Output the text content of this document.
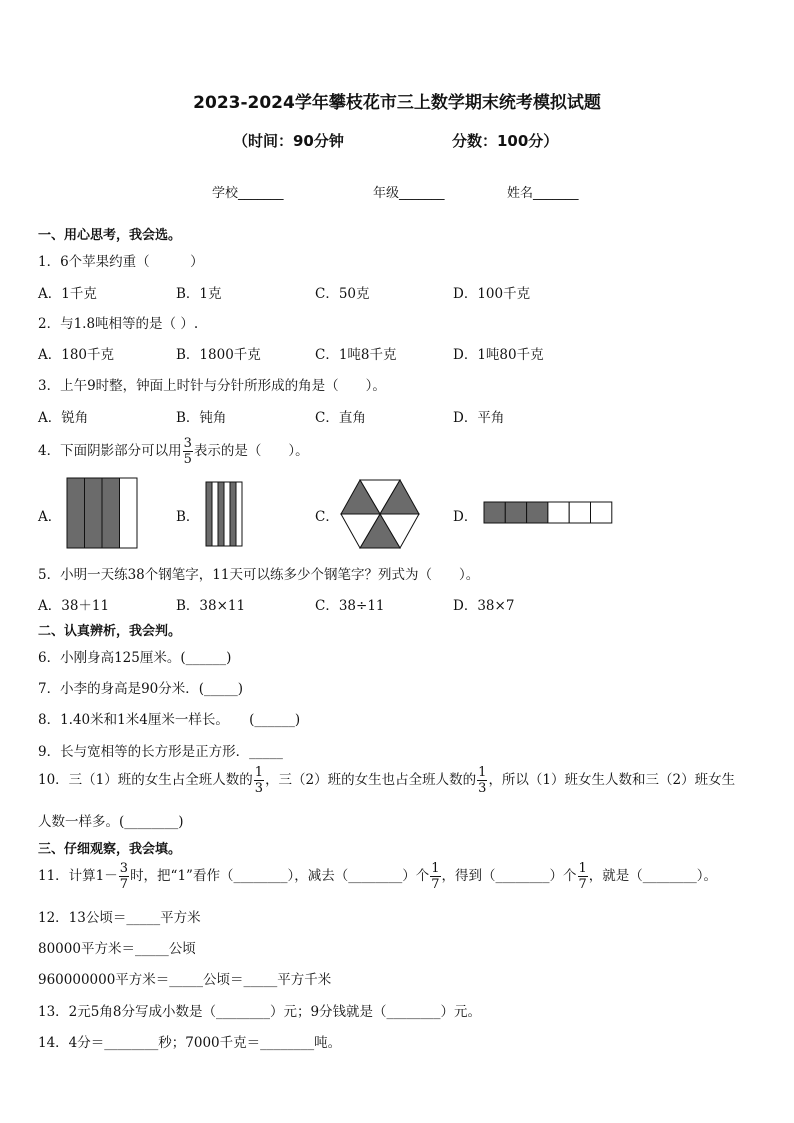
2023-2024学年攀枝花市三上数学期末统考模拟试题
（时间：90分钟	分数：100分）
学校_______	年级_______	姓名_______
一、用心思考，我会选。
1．6个苹果约重（　　　）
A．1千克	B．1克	C．50克	D．100千克
2．与1.8吨相等的是（ ）.
A．180千克	B．1800千克	C．1吨8千克	D．1吨80千克
3．上午9时整，钟面上时针与分针所形成的角是（　　）。
A．锐角	B．钝角	C．直角	D．平角
4．下面阴影部分可以用 $\frac{3}{5}$ 表示的是（　　）。
A．	B．	C．	D．
5．小明一天练38个钢笔字，11天可以练多少个钢笔字？列式为（　　）。
A．38＋11	B．38×11	C．38÷11	D．38×7
二、认真辨析，我会判。
6．小刚身高125厘米。(______)
7．小李的身高是90分米．(_____)
8．1.40米和1米4厘米一样长。　　(______)
9．长与宽相等的长方形是正方形．_____
10．三（1）班的女生占全班人数的 $\frac{1}{3}$ ，三（2）班的女生也占全班人数的 $\frac{1}{3}$ ，所以（1）班女生人数和三（2）班女生
人数一样多。(________)
三、仔细观察，我会填。
11．计算$1- \frac{3}{7}$ 时，把“1”看作（________），减去（________）个 $\frac{1}{7}$ ，得到（________）个 $\frac{1}{7}$ ，就是（________）。
12．13公顷＝_____平方米
80000平方米＝_____公顷
960000000平方米＝_____公顷＝_____平方千米
13．2元5角8分写成小数是（________）元；9分钱就是（________）元。
14．4分＝________秒；7000千克＝________吨。
